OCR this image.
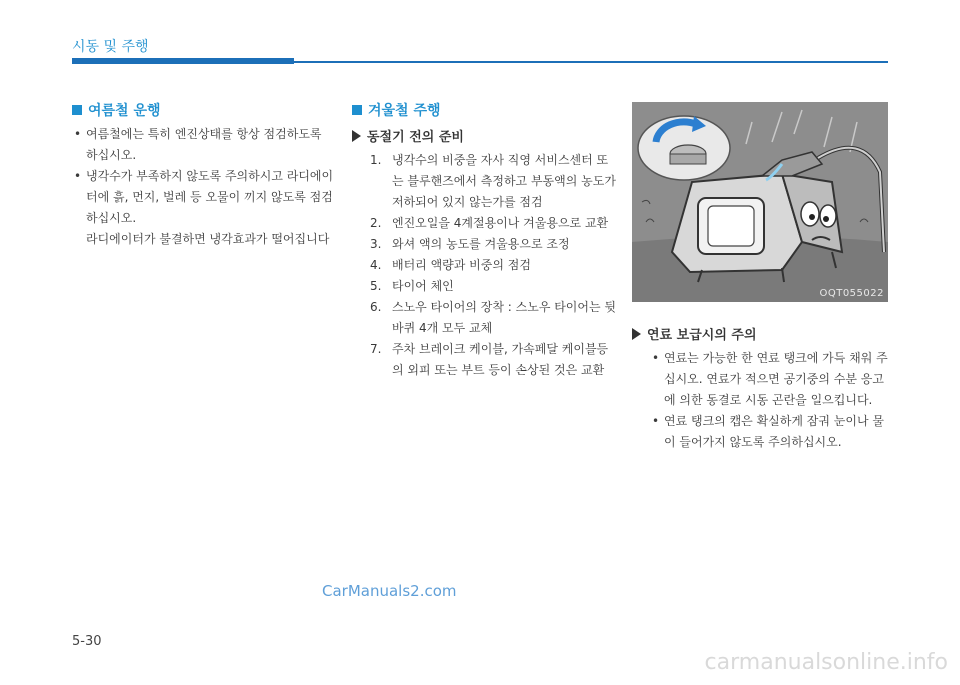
시동 및 주행
여름철 운행
• 여름철에는 특히 엔진상태를 항상 점검하도록 하십시오.
• 냉각수가 부족하지 않도록 주의하시고 라디에이터에 흙, 먼지, 벌레 등 오물이 끼지 않도록 점검하십시오.
라디에이터가 불결하면 냉각효과가 떨어집니다
겨울철 주행
동절기 전의 준비
1. 냉각수의 비중을 자사 직영 서비스센터 또는 블루핸즈에서 측정하고 부동액의 농도가 저하되어 있지 않는가를 점검
2. 엔진오일을 4계절용이나 겨울용으로 교환
3. 와셔 액의 농도를 겨울용으로 조정
4. 배터리 액량과 비중의 점검
5. 타이어 체인
6. 스노우 타이어의 장착 : 스노우 타이어는 뒷바퀴 4개 모두 교체
7. 주차 브레이크 케이블, 가속페달 케이블등의 외피 또는 부트 등이 손상된 것은 교환
OQT055022
연료 보급시의 주의
• 연료는 가능한 한 연료 탱크에 가득 채워 주십시오. 연료가 적으면 공기중의 수분 응고에 의한 동결로 시동 곤란을 일으킵니다.
• 연료 탱크의 캡은 확실하게 잠궈 눈이나 물이 들어가지 않도록 주의하십시오.
CarManuals2.com
5-30
carmanualsonline.info
